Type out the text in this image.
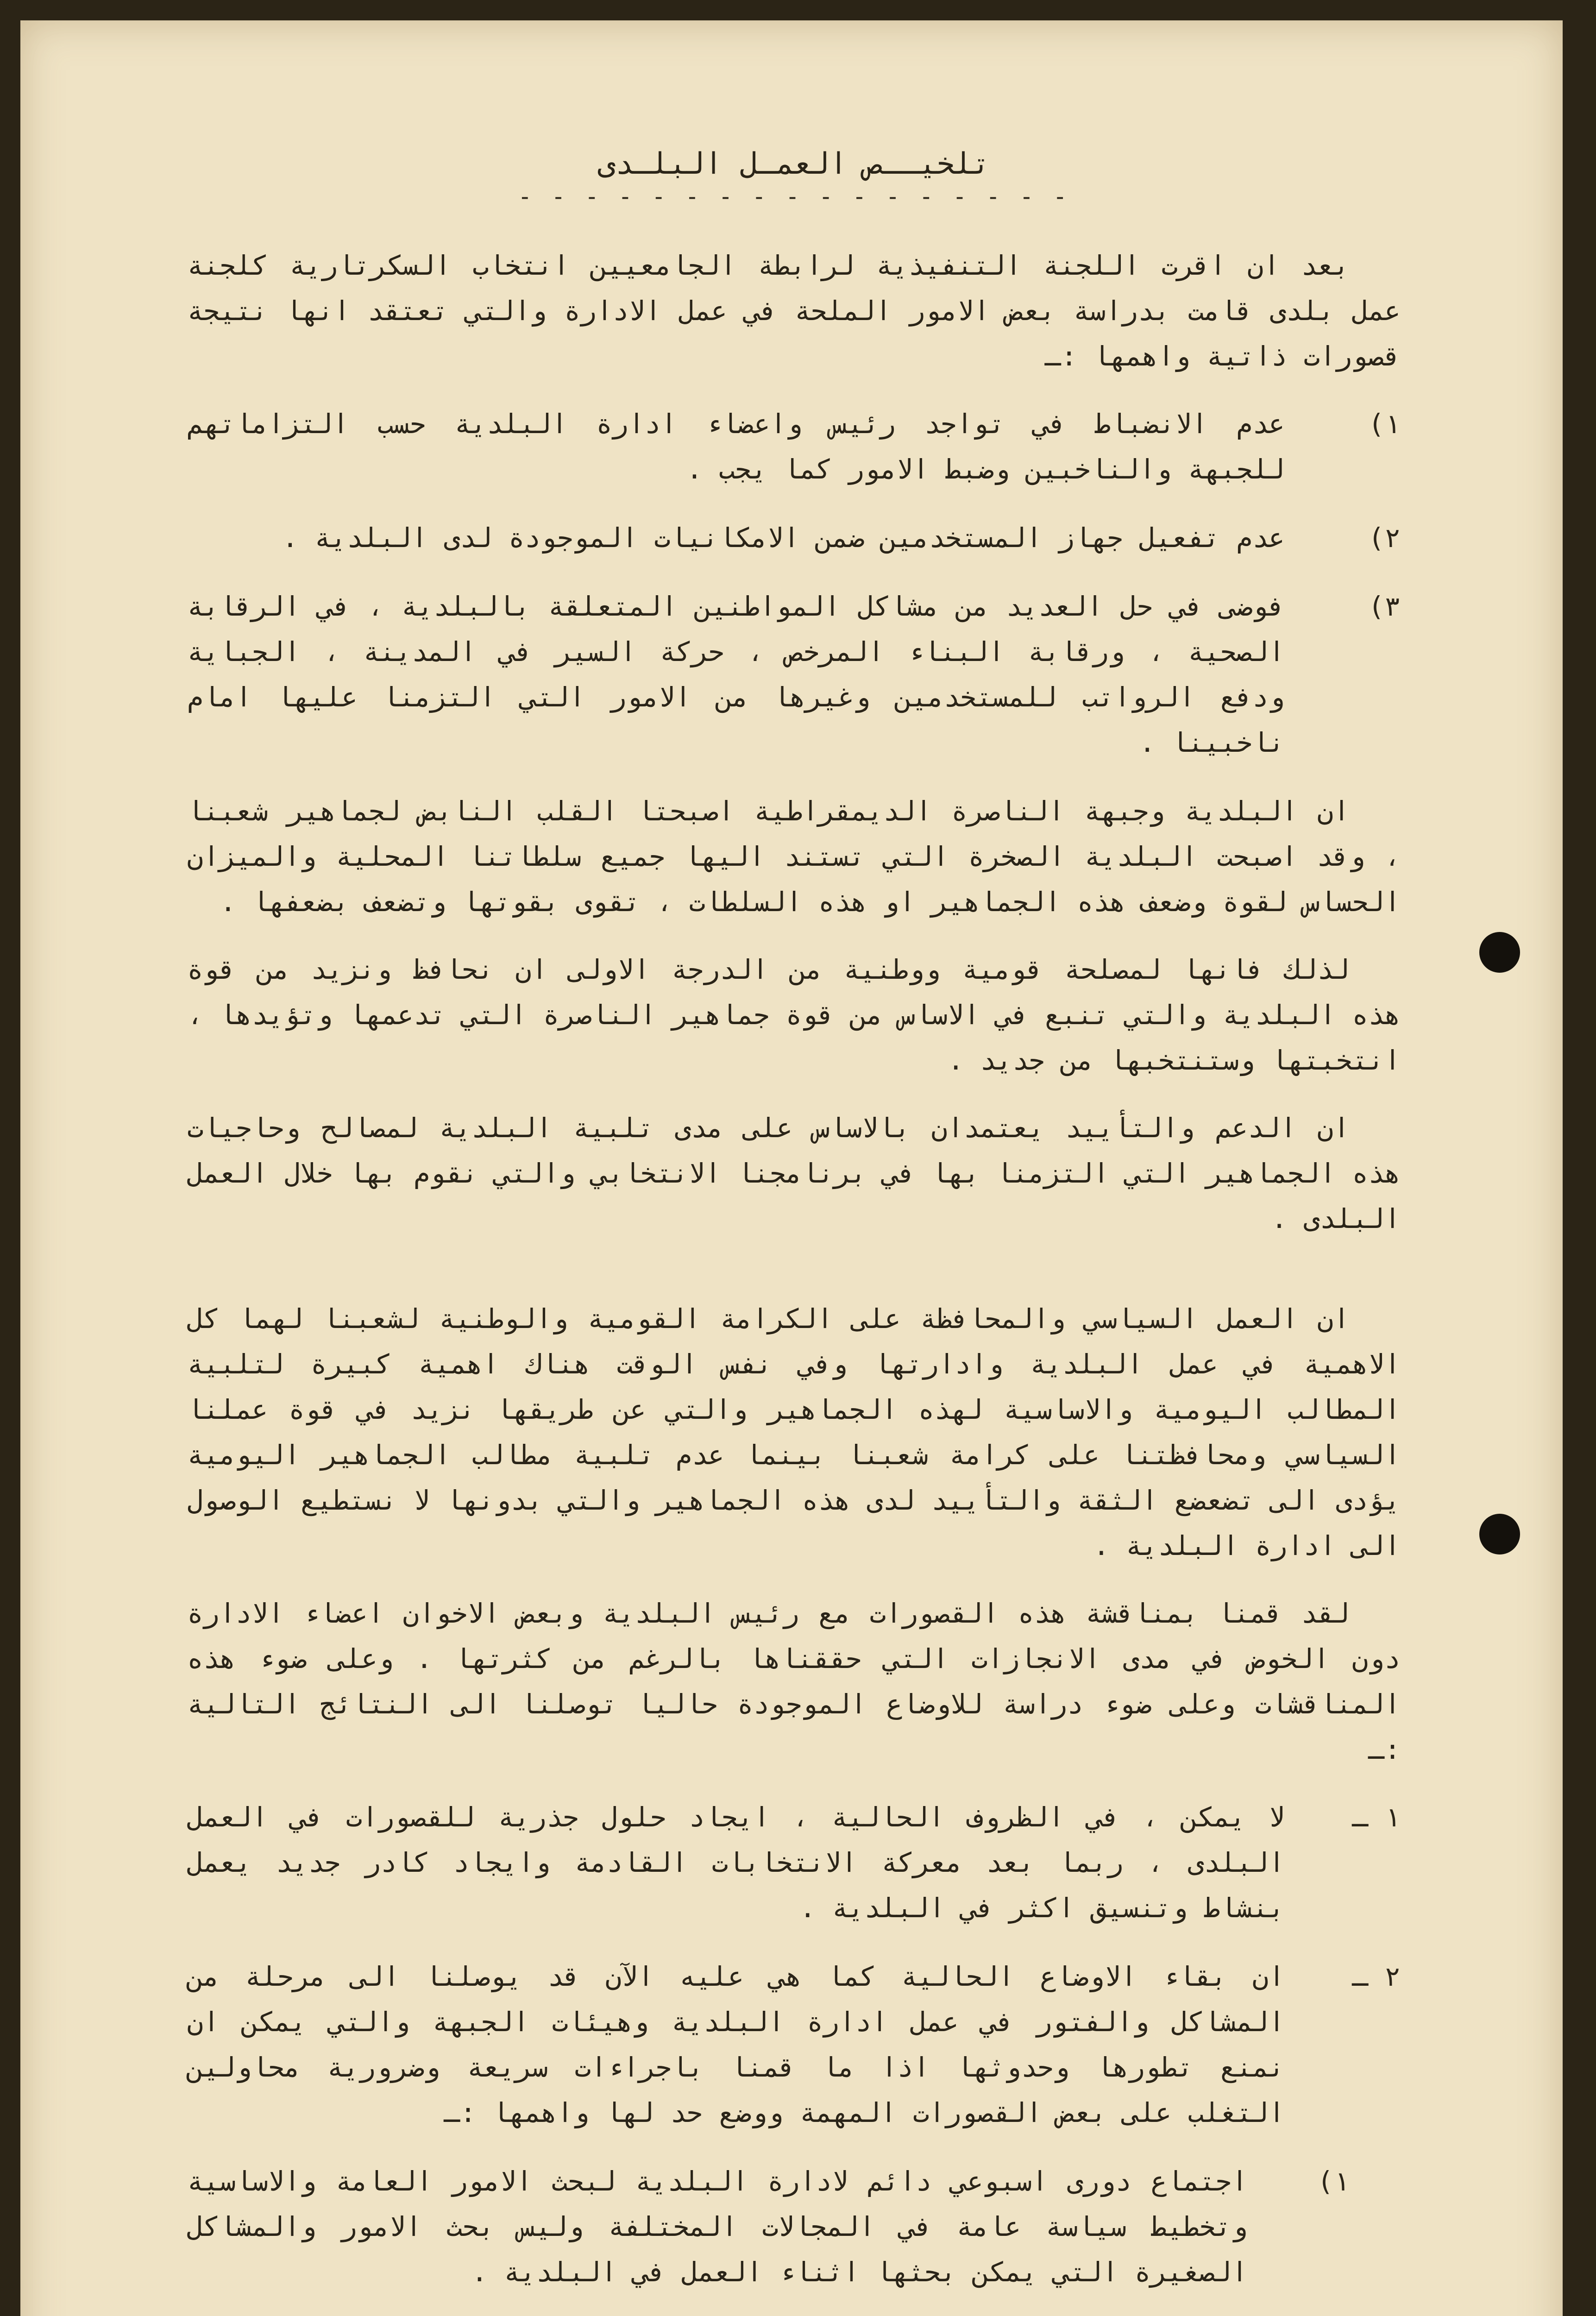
تلخيــص العمـل البلـدى
- - - - - - - - - - - - - - - - -
بعد ان اقرت اللجنة التنفيذية لرابطة الجامعيين انتخاب السكرتارية كلجنة عمل بلدى قامت بدراسة بعض الامور الملحة في عمل الادارة والتي تعتقد انها نتيجة قصورات ذاتية واهمها :ـ
١)
عدم الانضباط في تواجد رئيس واعضاء ادارة البلدية حسب التزاماتهم للجبهة والناخبين وضبط الامور كما يجب .
٢)
عدم تفعيل جهاز المستخدمين ضمن الامكانيات الموجودة لدى البلدية .
٣)
فوضى في حل العديد من مشاكل المواطنين المتعلقة بالبلدية ، في الرقابة الصحية ، ورقابة البناء المرخص ، حركة السير في المدينة ، الجباية ودفع الرواتب للمستخدمين وغيرها من الامور التي التزمنا عليها امام ناخبينا .
ان البلدية وجبهة الناصرة الديمقراطية اصبحتا القلب النابض لجماهير شعبنا ، وقد اصبحت البلدية الصخرة التي تستند اليها جميع سلطاتنا المحلية والميزان الحساس لقوة وضعف هذه الجماهير او هذه السلطات ، تقوى بقوتها وتضعف بضعفها .
لذلك فانها لمصلحة قومية ووطنية من الدرجة الاولى ان نحافظ ونزيد من قوة هذه البلدية والتي تنبع في الاساس من قوة جماهير الناصرة التي تدعمها وتؤيدها ، انتخبتها وستنتخبها من جديد .
ان الدعم والتأييد يعتمدان بالاساس على مدى تلبية البلدية لمصالح وحاجيات هذه الجماهير التي التزمنا بها في برنامجنا الانتخابي والتي نقوم بها خلال العمل البلدى .
ان العمل السياسي والمحافظة على الكرامة القومية والوطنية لشعبنا لهما كل الاهمية في عمل البلدية وادارتها وفي نفس الوقت هناك اهمية كبيرة لتلبية المطالب اليومية والاساسية لهذه الجماهير والتي عن طريقها نزيد في قوة عملنا السياسي ومحافظتنا على كرامة شعبنا بينما عدم تلبية مطالب الجماهير اليومية يؤدى الى تضعضع الثقة والتأييد لدى هذه الجماهير والتي بدونها لا نستطيع الوصول الى ادارة البلدية .
لقد قمنا بمناقشة هذه القصورات مع رئيس البلدية وبعض الاخوان اعضاء الادارة دون الخوض في مدى الانجازات التي حققناها بالرغم من كثرتها . وعلى ضوء هذه المناقشات وعلى ضوء دراسة للاوضاع الموجودة حاليا توصلنا الى النتائج التالية :ـ
١ ـ
لا يمكن ، في الظروف الحالية ، ايجاد حلول جذرية للقصورات في العمل البلدى ، ربما بعد معركة الانتخابات القادمة وايجاد كادر جديد يعمل بنشاط وتنسيق اكثر في البلدية .
٢ ـ
ان بقاء الاوضاع الحالية كما هي عليه الآن قد يوصلنا الى مرحلة من المشاكل والفتور في عمل ادارة البلدية وهيئات الجبهة والتي يمكن ان نمنع تطورها وحدوثها اذا ما قمنا باجراءات سريعة وضرورية محاولين التغلب على بعض القصورات المهمة ووضع حد لها واهمها :ـ
١)
اجتماع دورى اسبوعي دائم لادارة البلدية لبحث الامور العامة والاساسية وتخطيط سياسة عامة في المجالات المختلفة وليس بحث الامور والمشاكل الصغيرة التي يمكن بحثها اثناء العمل في البلدية .
